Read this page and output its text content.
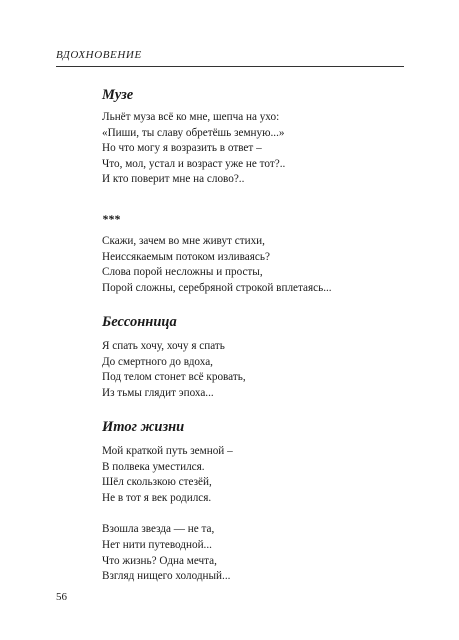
ВДОХНОВЕНИЕ
Музе
Льнёт муза всё ко мне, шепча на ухо:
«Пиши, ты славу обретёшь земную...»
Но что могу я возразить в ответ –
Что, мол, устал и возраст уже не тот?..
И кто поверит мне на слово?..
***
Скажи, зачем во мне живут стихи,
Неиссякаемым потоком изливаясь?
Слова порой несложны и просты,
Порой сложны, серебряной строкой вплетаясь...
Бессонница
Я спать хочу, хочу я спать
До смертного до вдоха,
Под телом стонет всё кровать,
Из тьмы глядит эпоха...
Итог жизни
Мой краткой путь земной –
В полвека уместился.
Шёл скользкою стезёй,
Не в тот я век родился.
Взошла звезда — не та,
Нет нити путеводной...
Что жизнь? Одна мечта,
Взгляд нищего холодный...
56
